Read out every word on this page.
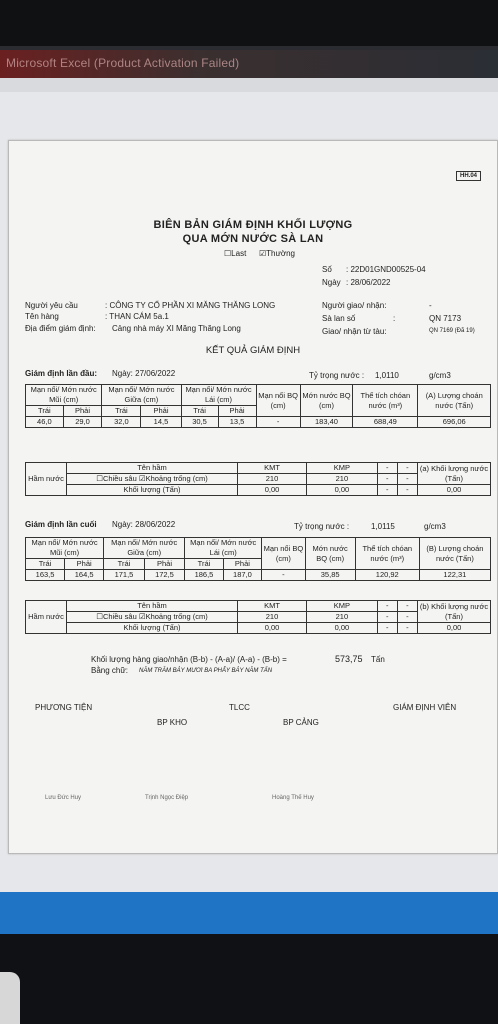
Microsoft Excel (Product Activation Failed)
HH.04
BIÊN BẢN GIÁM ĐỊNH KHỐI LƯỢNG
QUA MỚN NƯỚC SÀ LAN
☐Last ☑Thường
Số : 22D01GND00525-04
Ngày : 28/06/2022
Người yêu cầu	: CÔNG TY CỔ PHẦN XI MĂNG THĂNG LONG
Tên hàng	: THAN CÁM 5a.1
Địa điểm giám định: Cảng nhà máy XI Măng Thăng Long
Người giao/ nhận:	-
Sà lan số	:	QN 7173
Giao/ nhận từ tàu:	QN 7169 (Đã 19)
KẾT QUẢ GIÁM ĐỊNH
Giám định lần đầu: Ngày: 27/06/2022	Tỷ trọng nước : 1,0110	g/cm3
Mạn nổi/ Mớn nước Mũi (cm)		Mạn nổi/ Mớn nước Giữa (cm)		Mạn nổi/ Mớn nước Lái (cm)		Mạn nổi BQ (cm)	Mớn nước BQ (cm)	Thể tích chóan nước (m³)	(A) Lượng choán nước (Tấn)
Trái	Phải	Trái	Phải	Trái	Phải				
46,0	29,0	32,0	14,5	30,5	13,5	-	183,40	688,49	696,06
Hầm nước	Tên hầm	KMT	KMP	-	-	(a) Khối lượng nước (Tấn)
	☐Chiều sâu ☑Khoảng trống (cm)	210	210	-	-	
	Khối lượng (Tấn)	0,00	0,00	-	-	0,00
Giám định lần cuối Ngày: 28/06/2022	Tỷ trọng nước :	1,0115	g/cm3
Mạn nổi/ Mớn nước Mũi (cm)		Mạn nổi/ Mớn nước Giữa (cm)		Mạn nổi/ Mớn nước Lái (cm)		Mạn nổi BQ (cm)	Mớn nước BQ (cm)	Thể tích chóan nước (m³)	(B) Lượng choán nước (Tấn)
Trái	Phải	Trái	Phải	Trái	Phải				
163,5	164,5	171,5	172,5	186,5	187,0	-	35,85	120,92	122,31
Hầm nước	Tên hầm	KMT	KMP	-	-	(b) Khối lượng nước (Tấn)
	☐Chiều sâu ☑Khoảng trống (cm)	210	210	-	-	
	Khối lượng (Tấn)	0,00	0,00	-	-	0,00
Khối lượng hàng giao/nhận (B-b) - (A-a)/ (A-a) - (B-b) =	573,75 Tấn
Bằng chữ: NĂM TRĂM BẢY MƯƠI BA PHẨY BẢY NĂM TẤN
PHƯƠNG TIỆN	TLCC	GIÁM ĐỊNH VIÊN
BP KHO	BP CẢNG
Lưu Đức Huy	Trịnh Ngọc Điệp	Hoàng Thế Huy
